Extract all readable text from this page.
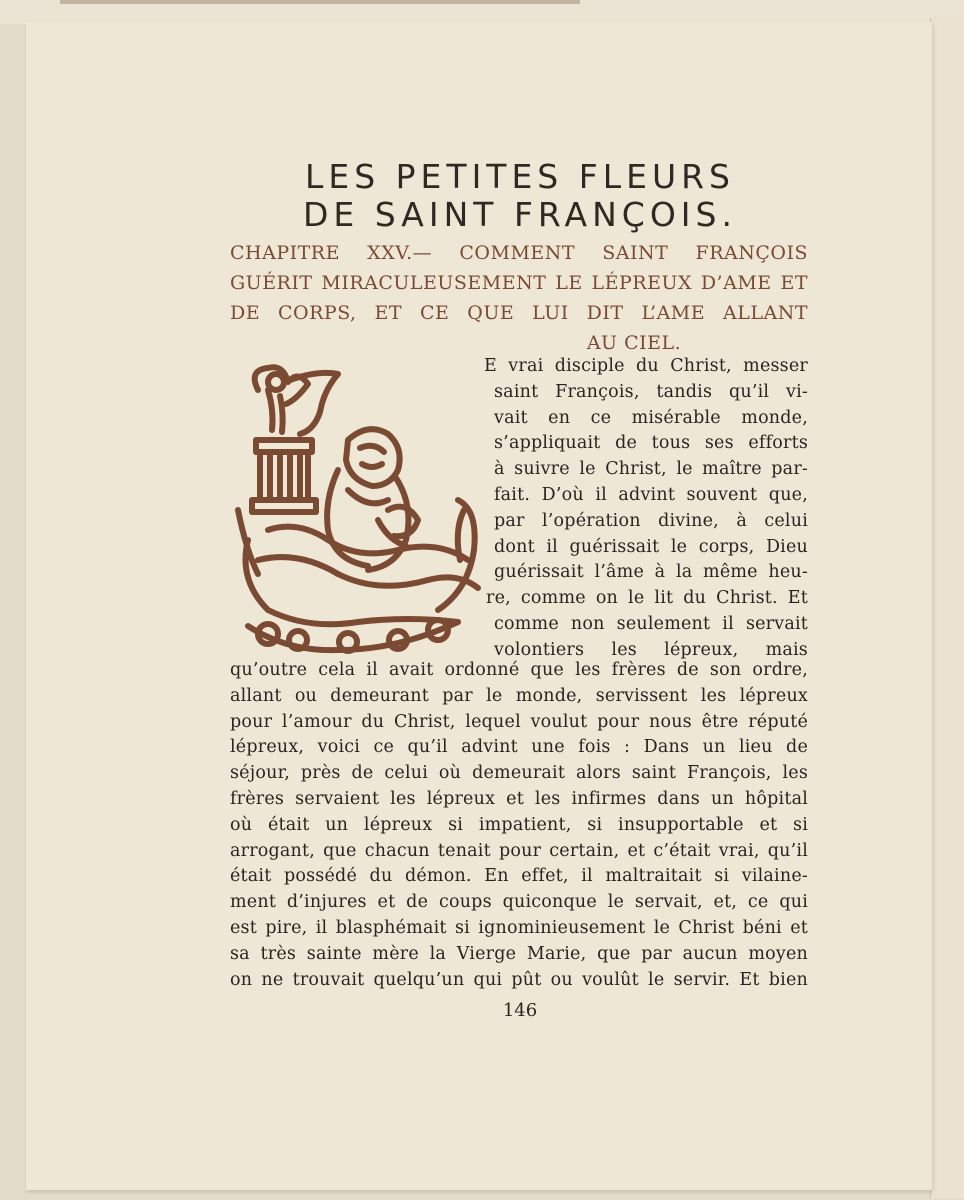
LES PETITES FLEURS
DE SAINT FRANÇOIS.
CHAPITRE XXV.— COMMENT SAINT FRANÇOIS
GUÉRIT MIRACULEUSEMENT LE LÉPREUX D’AME ET
DE CORPS, ET CE QUE LUI DIT L’AME ALLANT
AU CIEL.
E vrai disciple du Christ, messer
saint François, tandis qu’il vi-
vait en ce misérable monde,
s’appliquait de tous ses efforts
à suivre le Christ, le maître par-
fait. D’où il advint souvent que,
par l’opération divine, à celui
dont il guérissait le corps, Dieu
guérissait l’âme à la même heu-
re, comme on le lit du Christ. Et
comme non seulement il servait
volontiers les lépreux, mais
qu’outre cela il avait ordonné que les frères de son ordre,
allant ou demeurant par le monde, servissent les lépreux
pour l’amour du Christ, lequel voulut pour nous être réputé
lépreux, voici ce qu’il advint une fois : Dans un lieu de
séjour, près de celui où demeurait alors saint François, les
frères servaient les lépreux et les infirmes dans un hôpital
où était un lépreux si impatient, si insupportable et si
arrogant, que chacun tenait pour certain, et c’était vrai, qu’il
était possédé du démon. En effet, il maltraitait si vilaine-
ment d’injures et de coups quiconque le servait, et, ce qui
est pire, il blasphémait si ignominieusement le Christ béni et
sa très sainte mère la Vierge Marie, que par aucun moyen
on ne trouvait quelqu’un qui pût ou voulût le servir. Et bien
146
